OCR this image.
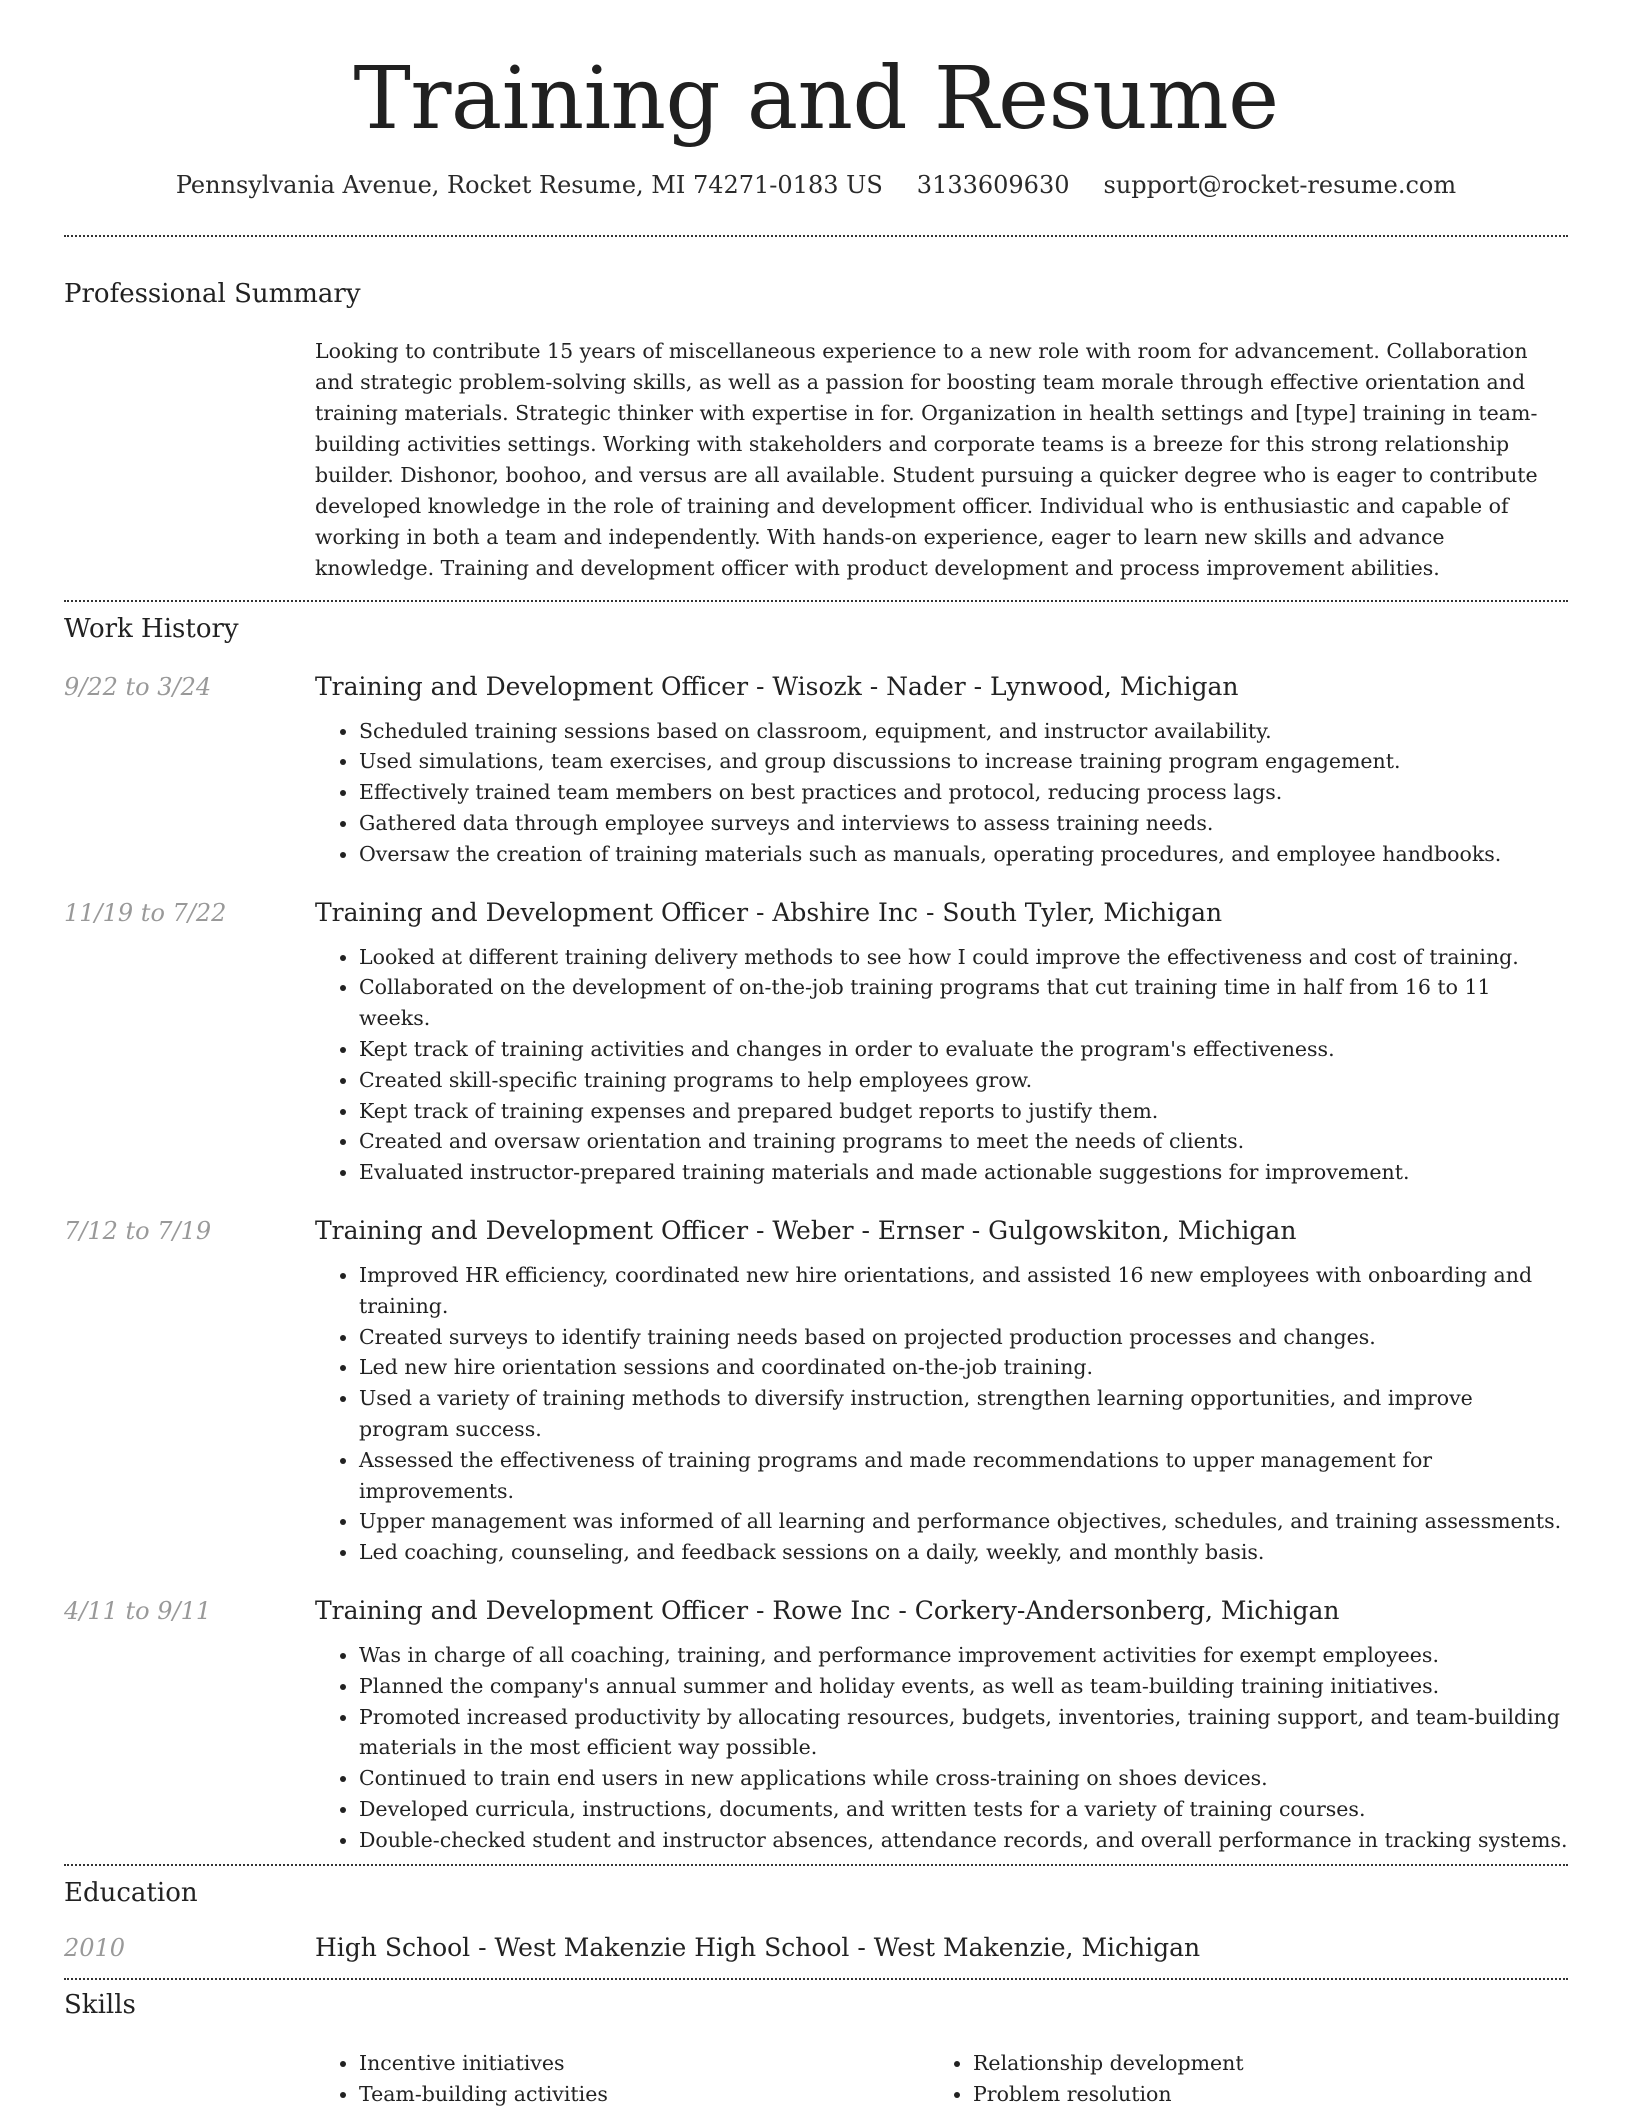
Training and Resume
Pennsylvania Avenue, Rocket Resume, MI 74271-0183 US 3133609630 support@rocket-resume.com
Professional Summary

Looking to contribute 15 years of miscellaneous experience to a new role with room for advancement. Collaboration and strategic problem-solving skills, as well as a passion for boosting team morale through effective orientation and training materials. Strategic thinker with expertise in for. Organization in health settings and [type] training in team-building activities settings. Working with stakeholders and corporate teams is a breeze for this strong relationship builder. Dishonor, boohoo, and versus are all available. Student pursuing a quicker degree who is eager to contribute developed knowledge in the role of training and development officer. Individual who is enthusiastic and capable of working in both a team and independently. With hands-on experience, eager to learn new skills and advance knowledge. Training and development officer with product development and process improvement abilities.

Work History
9/22 to 3/24	Training and Development Officer - Wisozk - Nader - Lynwood, Michigan
• Scheduled training sessions based on classroom, equipment, and instructor availability.
• Used simulations, team exercises, and group discussions to increase training program engagement.
• Effectively trained team members on best practices and protocol, reducing process lags.
• Gathered data through employee surveys and interviews to assess training needs.
• Oversaw the creation of training materials such as manuals, operating procedures, and employee handbooks.
11/19 to 7/22	Training and Development Officer - Abshire Inc - South Tyler, Michigan
• Looked at different training delivery methods to see how I could improve the effectiveness and cost of training.
• Collaborated on the development of on-the-job training programs that cut training time in half from 16 to 11 weeks.
• Kept track of training activities and changes in order to evaluate the program's effectiveness.
• Created skill-specific training programs to help employees grow.
• Kept track of training expenses and prepared budget reports to justify them.
• Created and oversaw orientation and training programs to meet the needs of clients.
• Evaluated instructor-prepared training materials and made actionable suggestions for improvement.
7/12 to 7/19	Training and Development Officer - Weber - Ernser - Gulgowskiton, Michigan
• Improved HR efficiency, coordinated new hire orientations, and assisted 16 new employees with onboarding and training.
• Created surveys to identify training needs based on projected production processes and changes.
• Led new hire orientation sessions and coordinated on-the-job training.
• Used a variety of training methods to diversify instruction, strengthen learning opportunities, and improve program success.
• Assessed the effectiveness of training programs and made recommendations to upper management for improvements.
• Upper management was informed of all learning and performance objectives, schedules, and training assessments.
• Led coaching, counseling, and feedback sessions on a daily, weekly, and monthly basis.
4/11 to 9/11	Training and Development Officer - Rowe Inc - Corkery-Andersonberg, Michigan
• Was in charge of all coaching, training, and performance improvement activities for exempt employees.
• Planned the company's annual summer and holiday events, as well as team-building training initiatives.
• Promoted increased productivity by allocating resources, budgets, inventories, training support, and team-building materials in the most efficient way possible.
• Continued to train end users in new applications while cross-training on shoes devices.
• Developed curricula, instructions, documents, and written tests for a variety of training courses.
• Double-checked student and instructor absences, attendance records, and overall performance in tracking systems.
Education
2010	High School - West Makenzie High School - West Makenzie, Michigan
Skills
• Incentive initiatives
• Team-building activities
• Relationship development
• Problem resolution
